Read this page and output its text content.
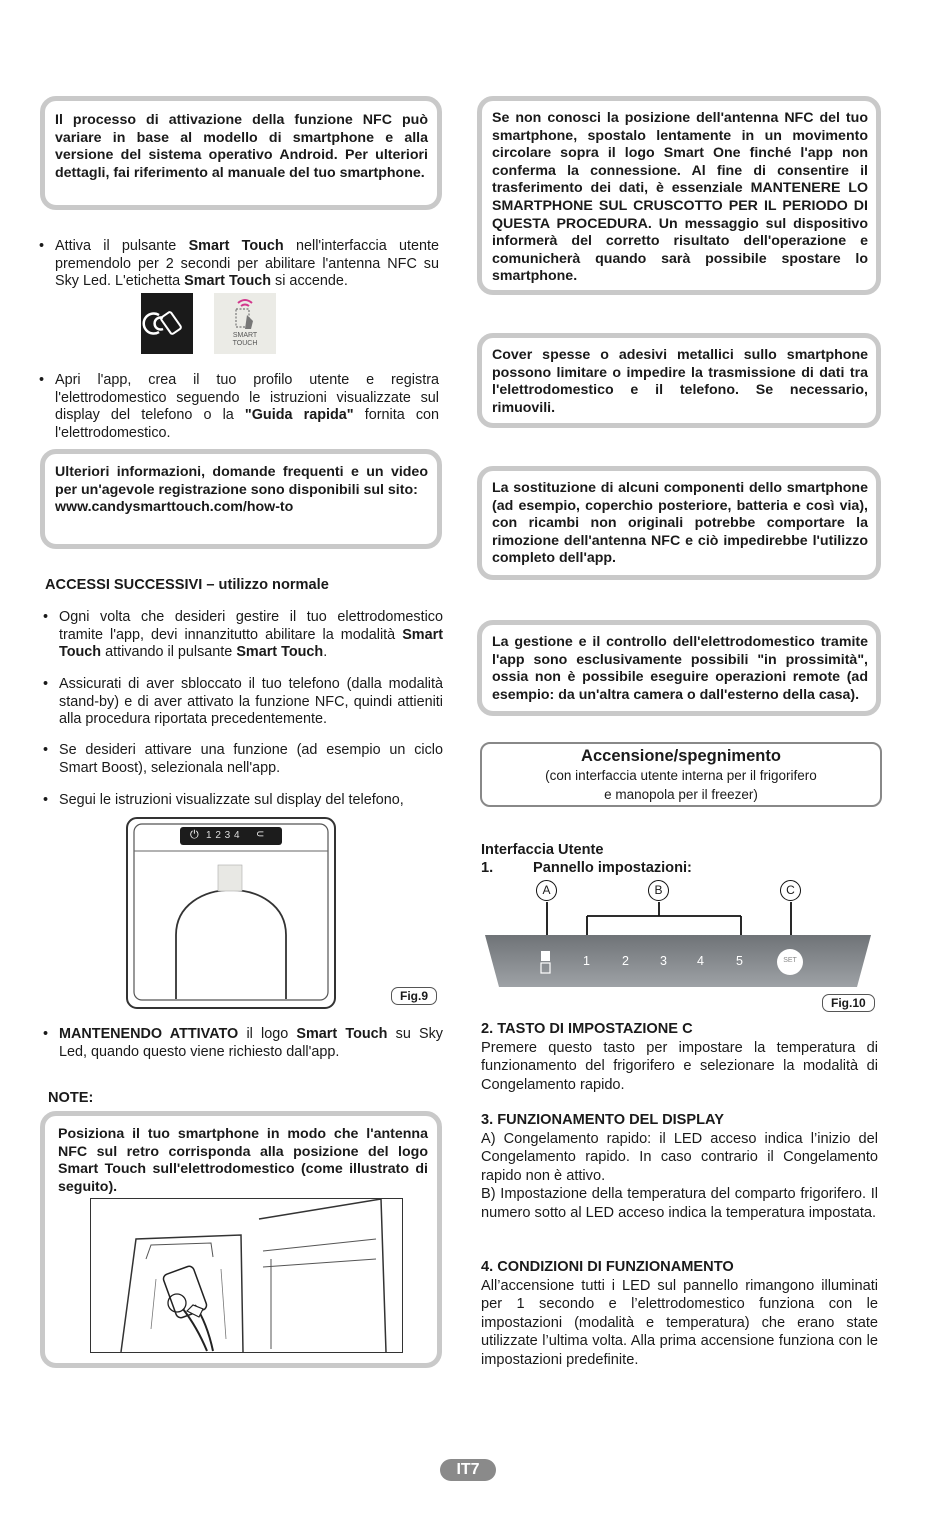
Il processo di attivazione della funzione NFC può variare in base al modello di smartphone e alla versione del sistema operativo Android. Per ulteriori dettagli, fai riferimento al manuale del tuo smartphone.

• Attiva il pulsante Smart Touch nell'interfaccia utente premendolo per 2 secondi per abilitare l'antenna NFC su Sky Led. L'etichetta Smart Touch si accende.
SMART
TOUCH
• Apri l'app, crea il tuo profilo utente e registra l'elettrodomestico seguendo le istruzioni visualizzate sul display del telefono o la "Guida rapida" fornita con l'elettrodomestico.

Ulteriori informazioni, domande frequenti e un video per un'agevole registrazione sono disponibili sul sito:

www.candysmarttouch.com/how-to

ACCESSI SUCCESSIVI – utilizzo normale
• Ogni volta che desideri gestire il tuo elettrodomestico tramite l'app, devi innanzitutto abilitare la modalità Smart Touch attivando il pulsante Smart Touch.
• Assicurati di aver sbloccato il tuo telefono (dalla modalità stand-by) e di aver attivato la funzione NFC, quindi attieniti alla procedura riportata precedentemente.
• Se desideri attivare una funzione (ad esempio un ciclo Smart Boost), selezionala nell'app.
• Segui le istruzioni visualizzate sul display del telefono,
1 2 3 4
⏻	⊂
Fig.9
• MANTENENDO ATTIVATO il logo Smart Touch su Sky Led, quando questo viene richiesto dall'app.
NOTE:

Posiziona il tuo smartphone in modo che l'antenna NFC sul retro corrisponda alla posizione del logo Smart Touch sull'elettrodomestico (come illustrato di seguito).

Se non conosci la posizione dell'antenna NFC del tuo smartphone, spostalo lentamente in un movimento circolare sopra il logo Smart One finché l'app non conferma la connessione. Al fine di consentire il trasferimento dei dati, è essenziale MANTENERE LO SMARTPHONE SUL CRUSCOTTO PER IL PERIODO DI QUESTA PROCEDURA. Un messaggio sul dispositivo informerà del corretto risultato dell'operazione e comunicherà quando sarà possibile spostare lo smartphone.

Cover spesse o adesivi metallici sullo smartphone possono limitare o impedire la trasmissione di dati tra l'elettrodomestico e il telefono. Se necessario, rimuovili.

La sostituzione di alcuni componenti dello smartphone (ad esempio, coperchio posteriore, batteria e così via), con ricambi non originali potrebbe comportare la rimozione dell'antenna NFC e ciò impedirebbe l'utilizzo completo dell'app.

La gestione e il controllo dell'elettrodomestico tramite l'app sono esclusivamente possibili "in prossimità", ossia non è possibile eseguire operazioni remote (ad esempio: da un'altra camera o dall'esterno della casa).

Accensione/spegnimento
(con interfaccia utente interna per il frigorifero
e manopola per il freezer)
Interfaccia Utente
1.	Pannello impostazioni:
A	B	C
1	2 3 4	5	SET
Fig.10
2. TASTO DI IMPOSTAZIONE C

Premere questo tasto per impostare la temperatura di funzionamento del frigorifero e selezionare la modalità di Congelamento rapido.

3. FUNZIONAMENTO DEL DISPLAY

A) Congelamento rapido: il LED acceso indica l’inizio del Congelamento rapido. In caso contrario il Congelamento rapido non è attivo.

B) Impostazione della temperatura del comparto frigorifero. Il numero sotto al LED acceso indica la temperatura impostata.

4. CONDIZIONI DI FUNZIONAMENTO

All’accensione tutti i LED sul pannello rimangono illuminati per 1 secondo e l’elettrodomestico funziona con le impostazioni (modalità e temperatura) che erano state utilizzate l’ultima volta. Alla prima accensione funziona con le impostazioni predefinite.

IT7
